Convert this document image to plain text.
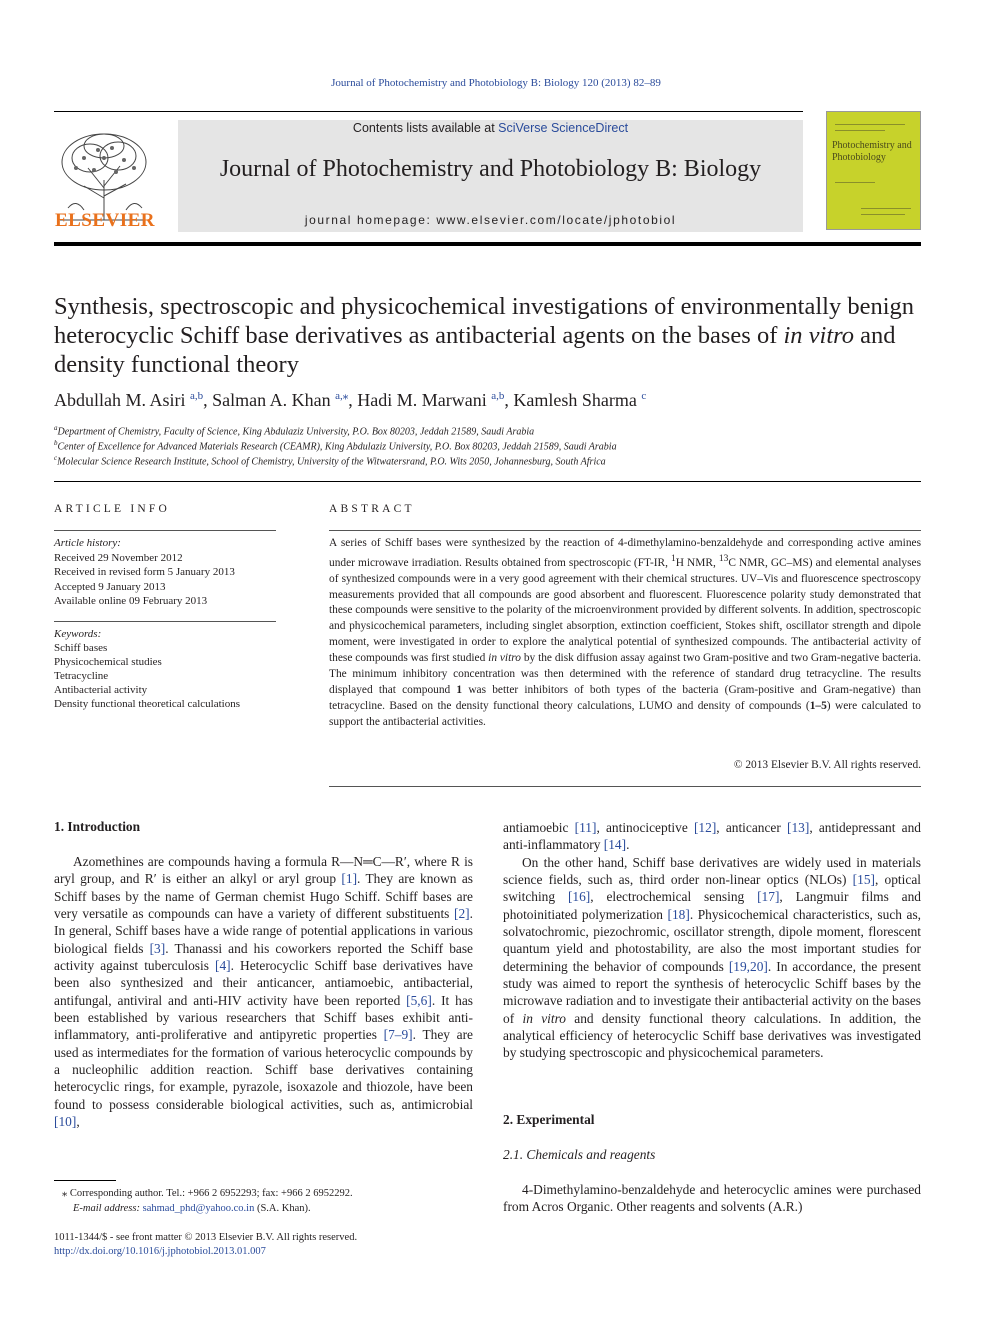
Journal of Photochemistry and Photobiology B: Biology 120 (2013) 82–89
ELSEVIER
Contents lists available at SciVerse ScienceDirect
Journal of Photochemistry and Photobiology B: Biology
journal homepage: www.elsevier.com/locate/jphotobiol
Photochemistry and Photobiology
Synthesis, spectroscopic and physicochemical investigations of environmentally benign heterocyclic Schiff base derivatives as antibacterial agents on the bases of in vitro and density functional theory
Abdullah M. Asiri $^{a,b}$, Salman A. Khan $^{a,⁎}$, Hadi M. Marwani $^{a,b}$, Kamlesh Sharma $^c$
$^a$Department of Chemistry, Faculty of Science, King Abdulaziz University, P.O. Box 80203, Jeddah 21589, Saudi Arabia
$^b$Center of Excellence for Advanced Materials Research (CEAMR), King Abdulaziz University, P.O. Box 80203, Jeddah 21589, Saudi Arabia
$^c$Molecular Science Research Institute, School of Chemistry, University of the Witwatersrand, P.O. Wits 2050, Johannesburg, South Africa
ARTICLE INFO
Article history:
Received 29 November 2012
Received in revised form 5 January 2013
Accepted 9 January 2013
Available online 09 February 2013
Keywords:
Schiff bases
Physicochemical studies
Tetracycline
Antibacterial activity
Density functional theoretical calculations
ABSTRACT
A series of Schiff bases were synthesized by the reaction of 4-dimethylamino-benzaldehyde and corresponding active amines under microwave irradiation. Results obtained from spectroscopic (FT-IR, $^1$H NMR, $^{13}$C NMR, GC–MS) and elemental analyses of synthesized compounds were in a very good agreement with their chemical structures. UV–Vis and fluorescence spectroscopy measurements provided that all compounds are good absorbent and fluorescent. Fluorescence polarity study demonstrated that these compounds were sensitive to the polarity of the microenvironment provided by different solvents. In addition, spectroscopic and physicochemical parameters, including singlet absorption, extinction coefficient, Stokes shift, oscillator strength and dipole moment, were investigated in order to explore the analytical potential of synthesized compounds. The antibacterial activity of these compounds was first studied in vitro by the disk diffusion assay against two Gram-positive and two Gram-negative bacteria. The minimum inhibitory concentration was then determined with the reference of standard drug tetracycline. The results displayed that compound 1 was better inhibitors of both types of the bacteria (Gram-positive and Gram-negative) than tetracycline. Based on the density functional theory calculations, LUMO and density of compounds (1–5) were calculated to support the antibacterial activities.
© 2013 Elsevier B.V. All rights reserved.
1. Introduction

Azomethines are compounds having a formula R—N═C—R′, where R is aryl group, and R′ is either an alkyl or aryl group [1]. They are known as Schiff bases by the name of German chemist Hugo Schiff. Schiff bases are very versatile as compounds can have a variety of different substituents [2]. In general, Schiff bases have a wide range of potential applications in various biological fields [3]. Thanassi and his coworkers reported the Schiff base activity against tuberculosis [4]. Heterocyclic Schiff base derivatives have been also synthesized and their anticancer, antiamoebic, antibacterial, antifungal, antiviral and anti-HIV activity have been reported [5,6]. It has been established by various researchers that Schiff bases exhibit anti-inflammatory, anti-proliferative and antipyretic properties [7–9]. They are used as intermediates for the formation of various heterocyclic compounds by a nucleophilic addition reaction. Schiff base derivatives containing heterocyclic rings, for example, pyrazole, isoxazole and thiozole, have been found to possess considerable biological activities, such as, antimicrobial [10],

antiamoebic [11], antinociceptive [12], anticancer [13], antidepressant and anti-inflammatory [14].

On the other hand, Schiff base derivatives are widely used in materials science fields, such as, third order non-linear optics (NLOs) [15], optical switching [16], electrochemical sensing [17], Langmuir films and photoinitiated polymerization [18]. Physicochemical characteristics, such as, solvatochromic, piezochromic, oscillator strength, dipole moment, florescent quantum yield and photostability, are also the most important studies for determining the behavior of compounds [19,20]. In accordance, the present study was aimed to report the synthesis of heterocyclic Schiff bases by the microwave radiation and to investigate their antibacterial activity on the bases of in vitro and density functional theory calculations. In addition, the analytical efficiency of heterocyclic Schiff base derivatives was investigated by studying spectroscopic and physicochemical parameters.

2. Experimental
2.1. Chemicals and reagents

4-Dimethylamino-benzaldehyde and heterocyclic amines were purchased from Acros Organic. Other reagents and solvents (A.R.)

⁎ Corresponding author. Tel.: +966 2 6952293; fax: +966 2 6952292.
E-mail address: sahmad_phd@yahoo.co.in (S.A. Khan).
1011-1344/$ - see front matter © 2013 Elsevier B.V. All rights reserved.
http://dx.doi.org/10.1016/j.jphotobiol.2013.01.007
